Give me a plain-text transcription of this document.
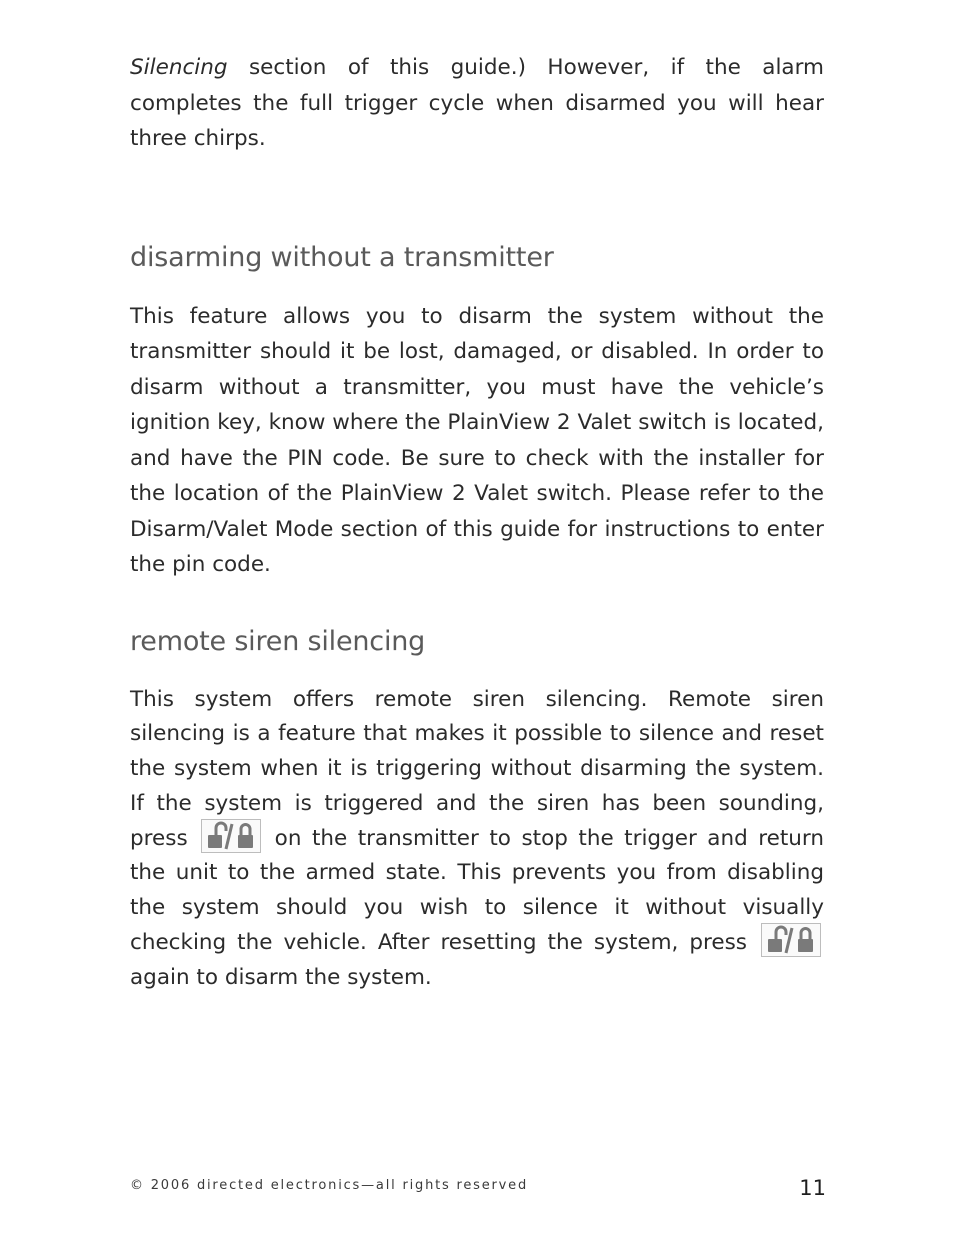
Silencing section of this guide.) However, if the alarm completes the full trigger cycle when disarmed you will hear three chirps.

disarming without a transmitter

This feature allows you to disarm the system without the transmitter should it be lost, damaged, or disabled. In order to disarm without a transmitter, you must have the vehicle’s ignition key, know where the PlainView 2 Valet switch is located, and have the PIN code. Be sure to check with the installer for the location of the PlainView 2 Valet switch. Please refer to the Disarm/Valet Mode section of this guide for instructions to enter the pin code.

remote siren silencing

This system offers remote siren silencing. Remote siren silencing is a feature that makes it possible to silence and reset the system when it is triggering without disarming the system. If the system is triggered and the siren has been sounding, press	on the transmitter to stop the trigger and return the unit to the armed state. This prevents you from disabling the system should you wish to silence it without visually checking the vehicle. After resetting the system, press
again to disarm the system.

© 2006 directed electronics—all rights reserved	11
